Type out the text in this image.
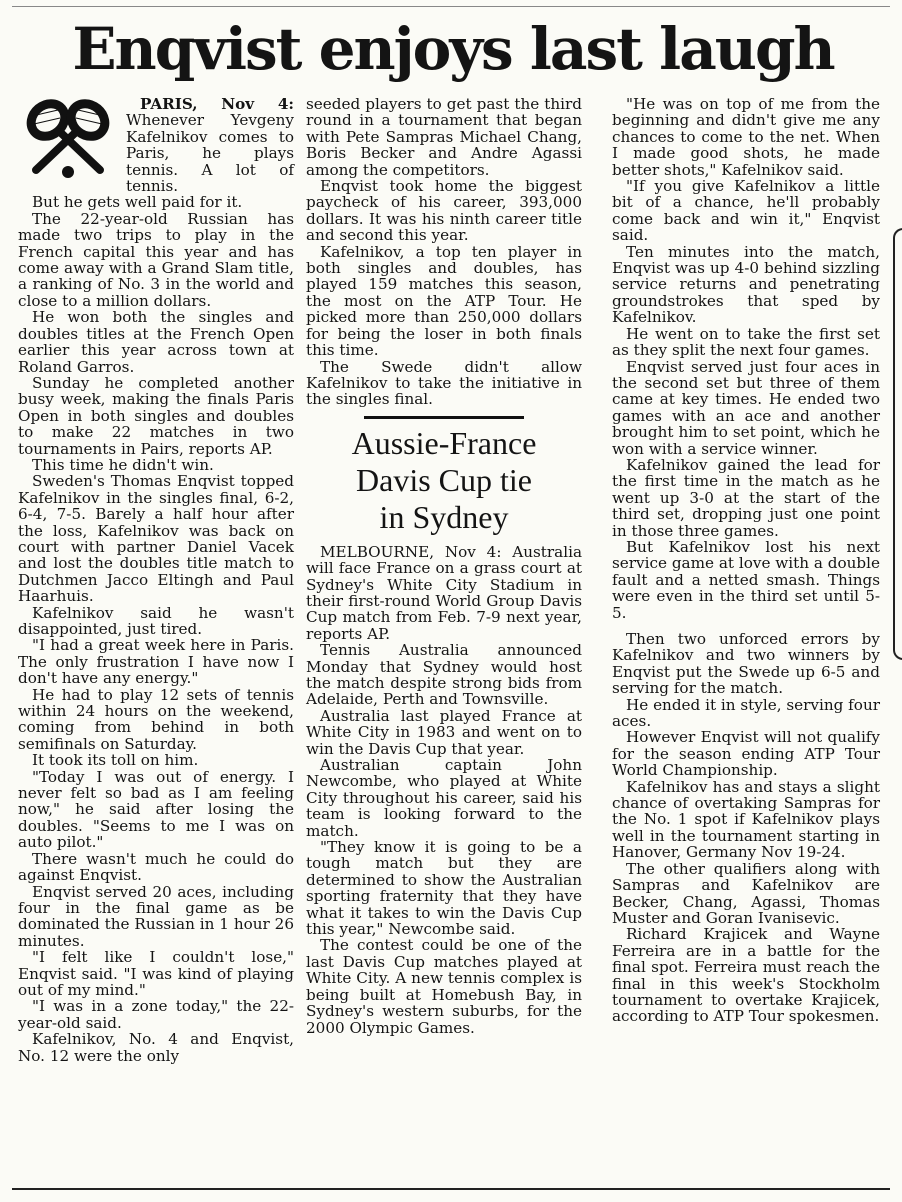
Enqvist enjoys last laugh

PARIS, Nov 4: Whenever Yevgeny Kafelnikov comes to Paris, he plays tennis. A lot of tennis.

But he gets well paid for it.

The 22-year-old Russian has made two trips to play in the French capital this year and has come away with a Grand Slam title, a ranking of No. 3 in the world and close to a million dollars.

He won both the singles and doubles titles at the French Open earlier this year across town at Roland Garros.

Sunday he completed another busy week, making the finals Paris Open in both singles and doubles to make 22 matches in two tournaments in Pairs, reports AP.

This time he didn't win.

Sweden's Thomas Enqvist topped Kafelnikov in the singles final, 6-2, 6-4, 7-5. Barely a half hour after the loss, Kafelnikov was back on court with partner Daniel Vacek and lost the doubles title match to Dutchmen Jacco Eltingh and Paul Haarhuis.

Kafelnikov said he wasn't disappointed, just tired.

"I had a great week here in Paris. The only frustration I have now I don't have any energy."

He had to play 12 sets of tennis within 24 hours on the weekend, coming from behind in both semifinals on Saturday.

It took its toll on him.

"Today I was out of energy. I never felt so bad as I am feeling now," he said after losing the doubles. "Seems to me I was on auto pilot."

There wasn't much he could do against Enqvist.

Enqvist served 20 aces, including four in the final game as be dominated the Russian in 1 hour 26 minutes.

"I felt like I couldn't lose," Enqvist said. "I was kind of playing out of my mind."

"I was in a zone today," the 22-year-old said.

Kafelnikov, No. 4 and Enqvist, No. 12 were the only

seeded players to get past the third round in a tournament that began with Pete Sampras Michael Chang, Boris Becker and Andre Agassi among the competitors.

Enqvist took home the biggest paycheck of his career, 393,000 dollars. It was his ninth career title and second this year.

Kafelnikov, a top ten player in both singles and doubles, has played 159 matches this season, the most on the ATP Tour. He picked more than 250,000 dollars for being the loser in both finals this time.

The Swede didn't allow Kafelnikov to take the initiative in the singles final.

Aussie-France
Davis Cup tie
in Sydney

MELBOURNE, Nov 4: Australia will face France on a grass court at Sydney's White City Stadium in their first-round World Group Davis Cup match from Feb. 7-9 next year, reports AP.

Tennis Australia announced Monday that Sydney would host the match despite strong bids from Adelaide, Perth and Townsville.

Australia last played France at White City in 1983 and went on to win the Davis Cup that year.

Australian captain John Newcombe, who played at White City throughout his career, said his team is looking forward to the match.

"They know it is going to be a tough match but they are determined to show the Australian sporting fraternity that they have what it takes to win the Davis Cup this year," Newcombe said.

The contest could be one of the last Davis Cup matches played at White City. A new tennis complex is being built at Homebush Bay, in Sydney's western suburbs, for the 2000 Olympic Games.

"He was on top of me from the beginning and didn't give me any chances to come to the net. When I made good shots, he made better shots," Kafelnikov said.

"If you give Kafelnikov a little bit of a chance, he'll probably come back and win it," Enqvist said.

Ten minutes into the match, Enqvist was up 4-0 behind sizzling service returns and penetrating groundstrokes that sped by Kafelnikov.

He went on to take the first set as they split the next four games.

Enqvist served just four aces in the second set but three of them came at key times. He ended two games with an ace and another brought him to set point, which he won with a service winner.

Kafelnikov gained the lead for the first time in the match as he went up 3-0 at the start of the third set, dropping just one point in those three games.

But Kafelnikov lost his next service game at love with a double fault and a netted smash. Things were even in the third set until 5-5.

Then two unforced errors by Kafelnikov and two winners by Enqvist put the Swede up 6-5 and serving for the match.

He ended it in style, serving four aces.

However Enqvist will not qualify for the season ending ATP Tour World Championship.

Kafelnikov has and stays a slight chance of overtaking Sampras for the No. 1 spot if Kafelnikov plays well in the tournament starting in Hanover, Germany Nov 19-24.

The other qualifiers along with Sampras and Kafelnikov are Becker, Chang, Agassi, Thomas Muster and Goran Ivanisevic.

Richard Krajicek and Wayne Ferreira are in a battle for the final spot. Ferreira must reach the final in this week's Stockholm tournament to overtake Krajicek, according to ATP Tour spokesmen.
